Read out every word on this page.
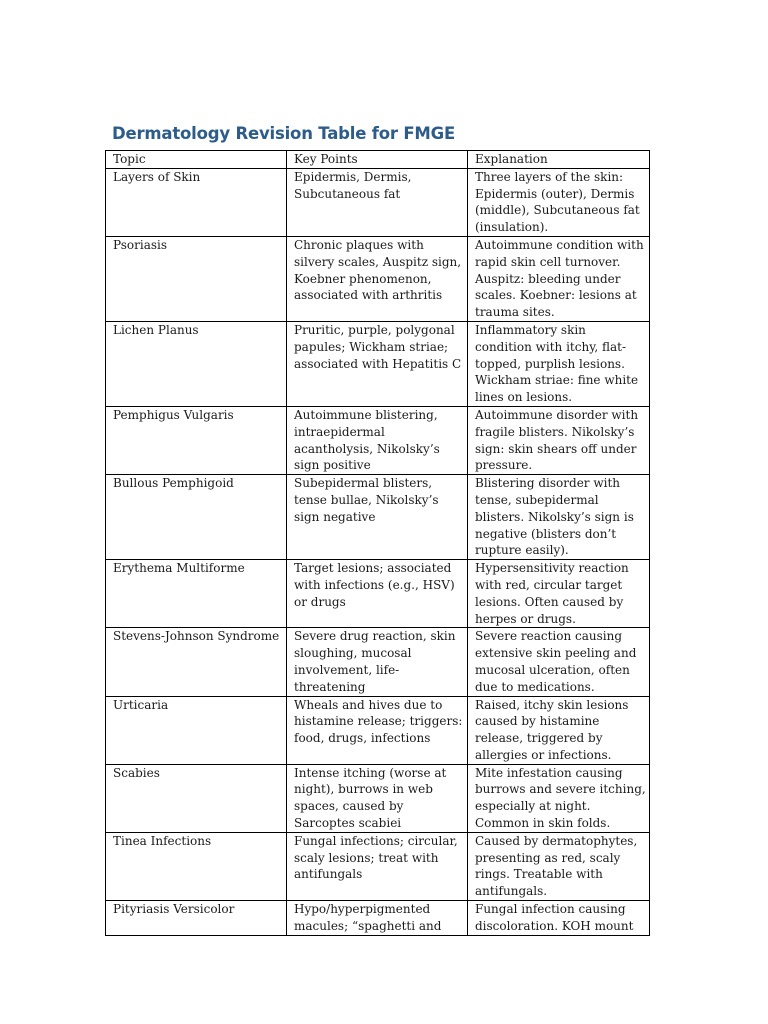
Dermatology Revision Table for FMGE
Topic	Key Points	Explanation
Layers of Skin	Epidermis, Dermis, Subcutaneous fat	Three layers of the skin: Epidermis (outer), Dermis (middle), Subcutaneous fat (insulation).
Psoriasis	Chronic plaques with silvery scales, Auspitz sign, Koebner phenomenon, associated with arthritis	Autoimmune condition with rapid skin cell turnover. Auspitz: bleeding under scales. Koebner: lesions at trauma sites.
Lichen Planus	Pruritic, purple, polygonal papules; Wickham striae; associated with Hepatitis C	Inflammatory skin condition with itchy, flat-topped, purplish lesions. Wickham striae: fine white lines on lesions.
Pemphigus Vulgaris	Autoimmune blistering, intraepidermal acantholysis, Nikolsky’s sign positive	Autoimmune disorder with fragile blisters. Nikolsky’s sign: skin shears off under pressure.
Bullous Pemphigoid	Subepidermal blisters, tense bullae, Nikolsky’s sign negative	Blistering disorder with tense, subepidermal blisters. Nikolsky’s sign is negative (blisters don’t rupture easily).
Erythema Multiforme	Target lesions; associated with infections (e.g., HSV) or drugs	Hypersensitivity reaction with red, circular target lesions. Often caused by herpes or drugs.
Stevens-Johnson Syndrome	Severe drug reaction, skin sloughing, mucosal involvement, life-threatening	Severe reaction causing extensive skin peeling and mucosal ulceration, often due to medications.
Urticaria	Wheals and hives due to histamine release; triggers: food, drugs, infections	Raised, itchy skin lesions caused by histamine release, triggered by allergies or infections.
Scabies	Intense itching (worse at night), burrows in web spaces, caused by Sarcoptes scabiei	Mite infestation causing burrows and severe itching, especially at night. Common in skin folds.
Tinea Infections	Fungal infections; circular, scaly lesions; treat with antifungals	Caused by dermatophytes, presenting as red, scaly rings. Treatable with antifungals.
Pityriasis Versicolor	Hypo/hyperpigmented macules; “spaghetti and	Fungal infection causing discoloration. KOH mount
